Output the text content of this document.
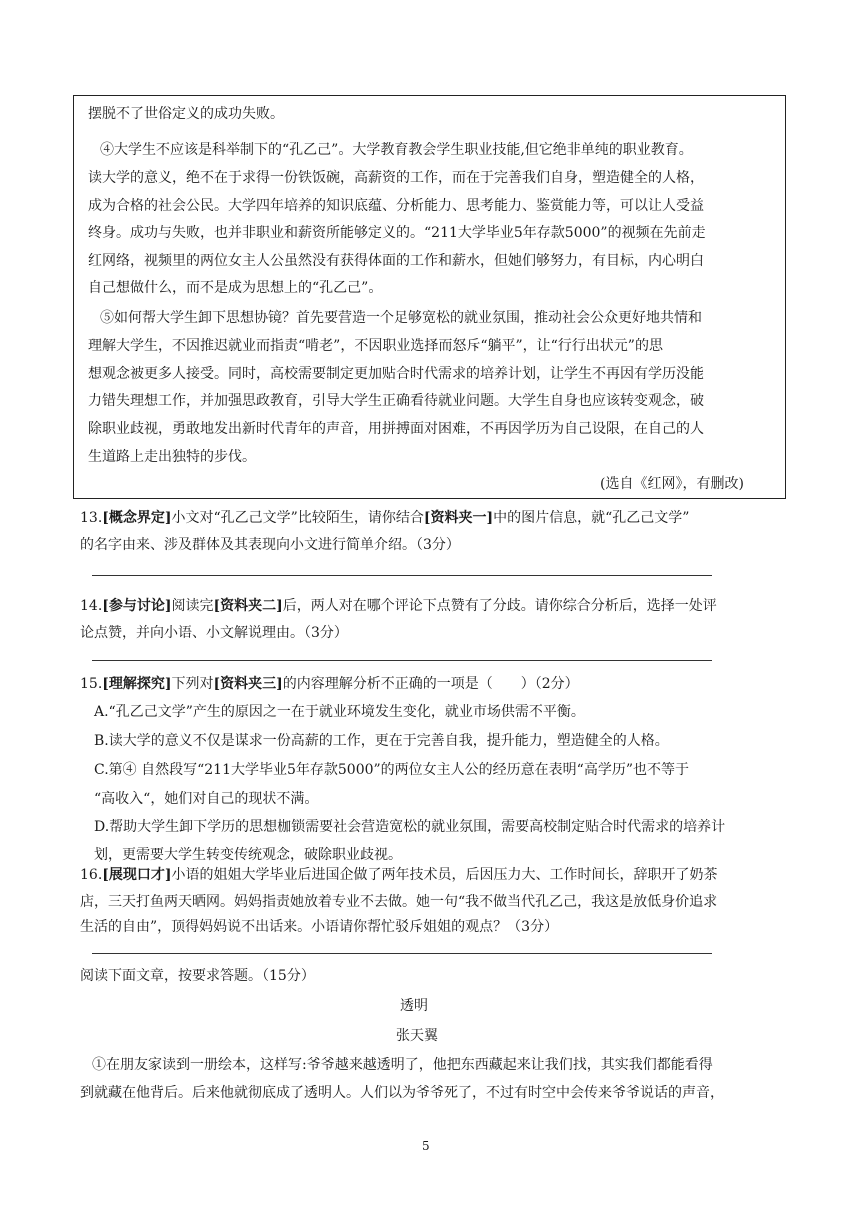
摆脱不了世俗定义的成功失败。
④大学生不应该是科举制下的“孔乙己”。大学教育教会学生职业技能,但它绝非单纯的职业教育。
读大学的意义，绝不在于求得一份铁饭碗，高薪资的工作，而在于完善我们自身，塑造健全的人格，
成为合格的社会公民。大学四年培养的知识底蕴、分析能力、思考能力、鉴赏能力等，可以让人受益
终身。成功与失败，也并非职业和薪资所能够定义的。“211大学毕业5年存款5000”的视频在先前走
红网络，视频里的两位女主人公虽然没有获得体面的工作和薪水，但她们够努力，有目标，内心明白
自己想做什么，而不是成为思想上的“孔乙己”。
⑤如何帮大学生卸下思想协镜？首先要营造一个足够宽松的就业氛围，推动社会公众更好地共情和
理解大学生，不因推迟就业而指责“啃老”，不因职业选择而怒斥“躺平”，让“行行出状元”的思
想观念被更多人接受。同时，高校需要制定更加贴合时代需求的培养计划，让学生不再因有学历没能
力错失理想工作，并加强思政教育，引导大学生正确看待就业问题。大学生自身也应该转变观念，破
除职业歧视，勇敢地发出新时代青年的声音，用拼搏面对困难，不再因学历为自己设限，在自己的人
生道路上走出独特的步伐。
(选自《红网》，有删改)
13.[概念界定]小文对“孔乙己文学”比较陌生，请你结合[资料夹一]中的图片信息，就“孔乙己文学”
的名字由来、涉及群体及其表现向小文进行简单介绍。（3分）
14.[参与讨论]阅读完[资料夹二]后，两人对在哪个评论下点赞有了分歧。请你综合分析后，选择一处评
论点赞，并向小语、小文解说理由。（3分）
15.[理解探究]下列对[资料夹三]的内容理解分析不正确的一项是（　　）（2分）
A.“孔乙己文学”产生的原因之一在于就业环境发生变化，就业市场供需不平衡。
B.读大学的意义不仅是谋求一份高薪的工作，更在于完善自我，提升能力，塑造健全的人格。
C.第④ 自然段写“211大学毕业5年存款5000”的两位女主人公的经历意在表明“高学历”也不等于
“高收入“，她们对自己的现状不满。
D.帮助大学生卸下学历的思想枷锁需要社会营造宽松的就业氛围，需要高校制定贴合时代需求的培养计
划，更需要大学生转变传统观念，破除职业歧视。
16.[展现口才]小语的姐姐大学毕业后进国企做了两年技术员，后因压力大、工作时间长，辞职开了奶茶
店，三天打鱼两天晒网。妈妈指责她放着专业不去做。她一句“我不做当代孔乙己，我这是放低身价追求
生活的自由”，顶得妈妈说不出话来。小语请你帮忙驳斥姐姐的观点？（3分）
阅读下面文章，按要求答题。（15分）
透明
张天翼
①在朋友家读到一册绘本，这样写:爷爷越来越透明了，他把东西藏起来让我们找，其实我们都能看得
到就藏在他背后。后来他就彻底成了透明人。人们以为爷爷死了，不过有时空中会传来爷爷说话的声音，
5
